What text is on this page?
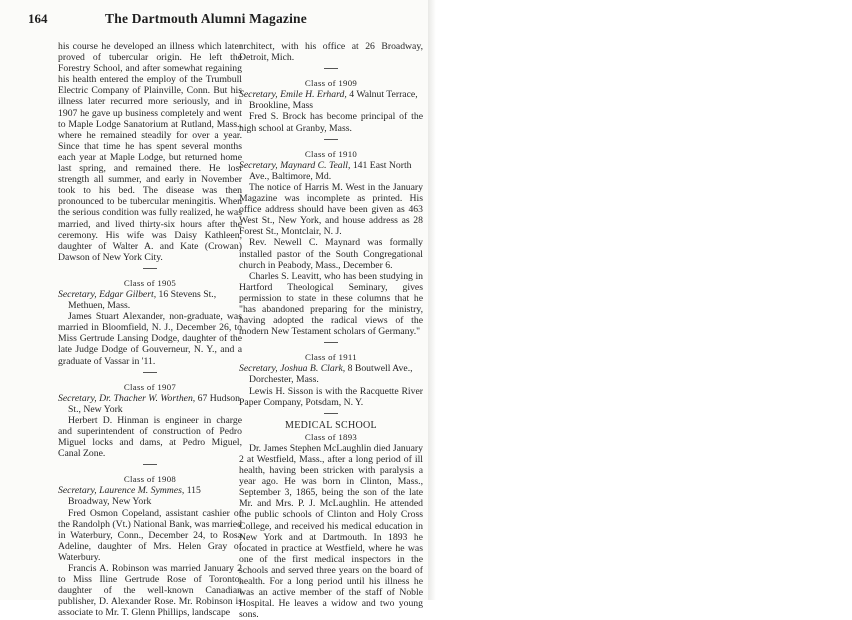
164	The Dartmouth Alumni Magazine

his course he developed an illness which later proved of tubercular origin. He left the Forestry School, and after somewhat regaining his health entered the employ of the Trumbull Electric Company of Plainville, Conn. But his illness later recurred more seriously, and in 1907 he gave up business completely and went to Maple Lodge Sanatorium at Rutland, Mass., where he remained steadily for over a year. Since that time he has spent several months each year at Maple Lodge, but returned home last spring, and remained there. He lost strength all summer, and early in November took to his bed. The disease was then pronounced to be tubercular meningitis. When the serious condition was fully realized, he was married, and lived thirty-six hours after the ceremony. His wife was Daisy Kathleen, daughter of Walter A. and Kate (Crowan) Dawson of New York City.

Class of 1905

Secretary, Edgar Gilbert, 16 Stevens St., Methuen, Mass.

James Stuart Alexander, non-graduate, was married in Bloomfield, N. J., December 26, to Miss Gertrude Lansing Dodge, daughter of the late Judge Dodge of Gouverneur, N. Y., and a graduate of Vassar in '11.

Class of 1907

Secretary, Dr. Thacher W. Worthen, 67 Hudson St., New York

Herbert D. Hinman is engineer in charge and superintendent of construction of Pedro Miguel locks and dams, at Pedro Miguel, Canal Zone.

Class of 1908

Secretary, Laurence M. Symmes, 115 Broadway, New York

Fred Osmon Copeland, assistant cashier of the Randolph (Vt.) National Bank, was married in Waterbury, Conn., December 24, to Rosa Adeline, daughter of Mrs. Helen Gray of Waterbury.

Francis A. Robinson was married January 2 to Miss Iline Gertrude Rose of Toronto, daughter of the well-known Canadian publisher, D. Alexander Rose. Mr. Robinson is associate to Mr. T. Glenn Phillips, landscape

architect, with his office at 26 Broadway, Detroit, Mich.

Class of 1909

Secretary, Emile H. Erhard, 4 Walnut Terrace, Brookline, Mass

Fred S. Brock has become principal of the high school at Granby, Mass.

Class of 1910

Secretary, Maynard C. Teall, 141 East North Ave., Baltimore, Md.

The notice of Harris M. West in the January Magazine was incomplete as printed. His office address should have been given as 463 West St., New York, and house address as 28 Forest St., Montclair, N. J.

Rev. Newell C. Maynard was formally installed pastor of the South Congregational church in Peabody, Mass., December 6.

Charles S. Leavitt, who has been studying in Hartford Theological Seminary, gives permission to state in these columns that he "has abandoned preparing for the ministry, having adopted the radical views of the modern New Testament scholars of Germany."

Class of 1911

Secretary, Joshua B. Clark, 8 Boutwell Ave., Dorchester, Mass.

Lewis H. Sisson is with the Racquette River Paper Company, Potsdam, N. Y.

MEDICAL SCHOOL
Class of 1893

Dr. James Stephen McLaughlin died January 2 at Westfield, Mass., after a long period of ill health, having been stricken with paralysis a year ago. He was born in Clinton, Mass., September 3, 1865, being the son of the late Mr. and Mrs. P. J. McLaughlin. He attended the public schools of Clinton and Holy Cross College, and received his medical education in New York and at Dartmouth. In 1893 he located in practice at Westfield, where he was one of the first medical inspectors in the schools and served three years on the board of health. For a long period until his illness he was an active member of the staff of Noble Hospital. He leaves a widow and two young sons.
